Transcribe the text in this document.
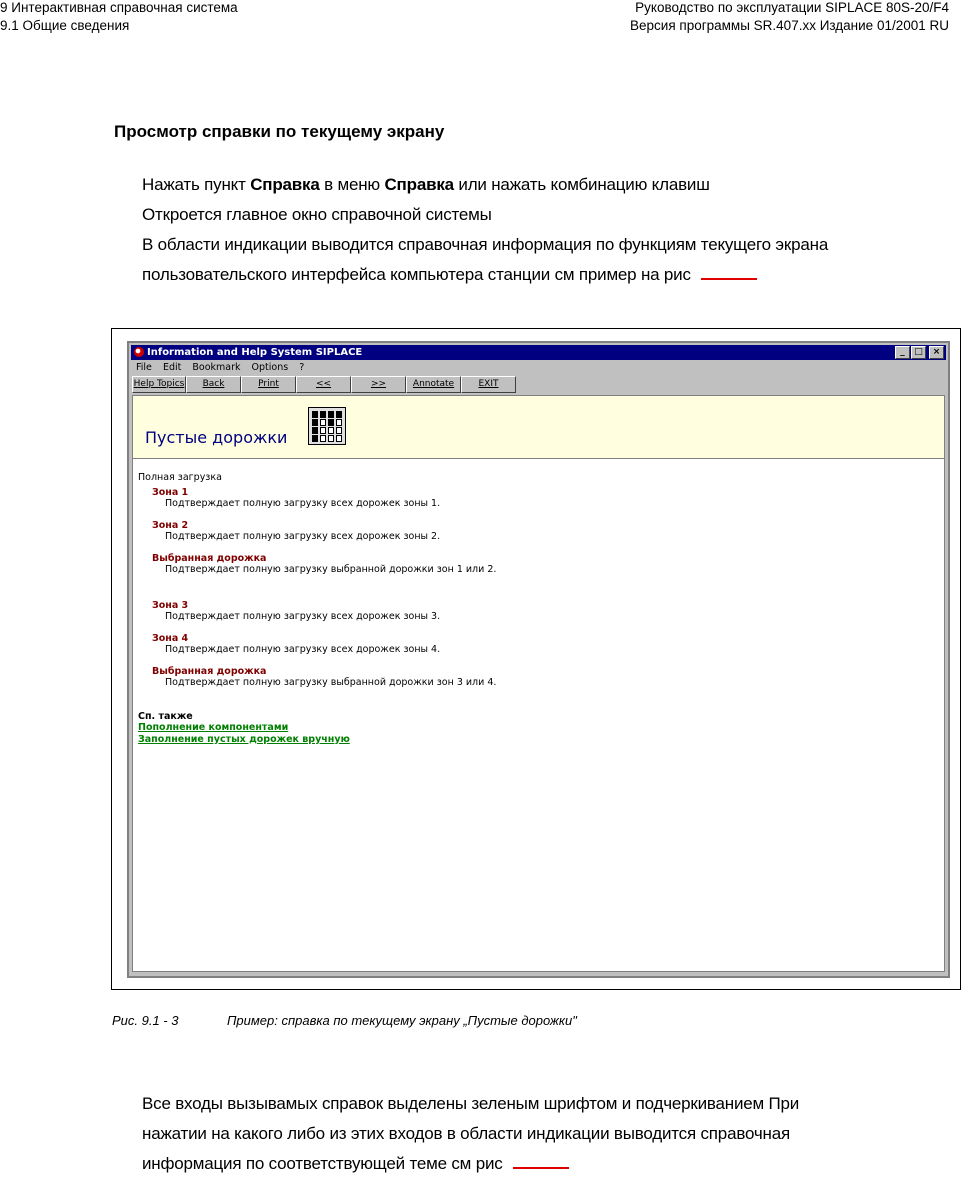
9 Интерактивная справочная система
9.1 Общие сведения
Руководство по эксплуатации SIPLACE 80S-20/F4
Версия программы SR.407.xx Издание 01/2001 RU
Просмотр справки по текущему экрану
Нажать пункт Справка в меню Справка или нажать комбинацию клавиш
Откроется главное окно справочной системы
В области индикации выводится справочная информация по функциям текущего экрана
пользовательского интерфейса компьютера станции см пример на рис
Information and Help System SIPLACE	_	□	×
File Edit Bookmark Options ?
Help Topics	Back	Print	<<	>>	Annotate	EXIT
Пустые дорожки
Полная загрузка
Зона 1
Подтверждает полную загрузку всех дорожек зоны 1.
Зона 2
Подтверждает полную загрузку всех дорожек зоны 2.
Выбранная дорожка
Подтверждает полную загрузку выбранной дорожки зон 1 или 2.
Зона 3
Подтверждает полную загрузку всех дорожек зоны 3.
Зона 4
Подтверждает полную загрузку всех дорожек зоны 4.
Выбранная дорожка
Подтверждает полную загрузку выбранной дорожки зон 3 или 4.
Сп. также
Пополнение компонентами
Заполнение пустых дорожек вручную
Рис. 9.1 - 3	Пример: справка по текущему экрану „Пустые дорожки"
Все входы вызывамых справок выделены зеленым шрифтом и подчеркиванием При
нажатии на какого либо из этих входов в области индикации выводится справочная
информация по соответствующей теме см рис
